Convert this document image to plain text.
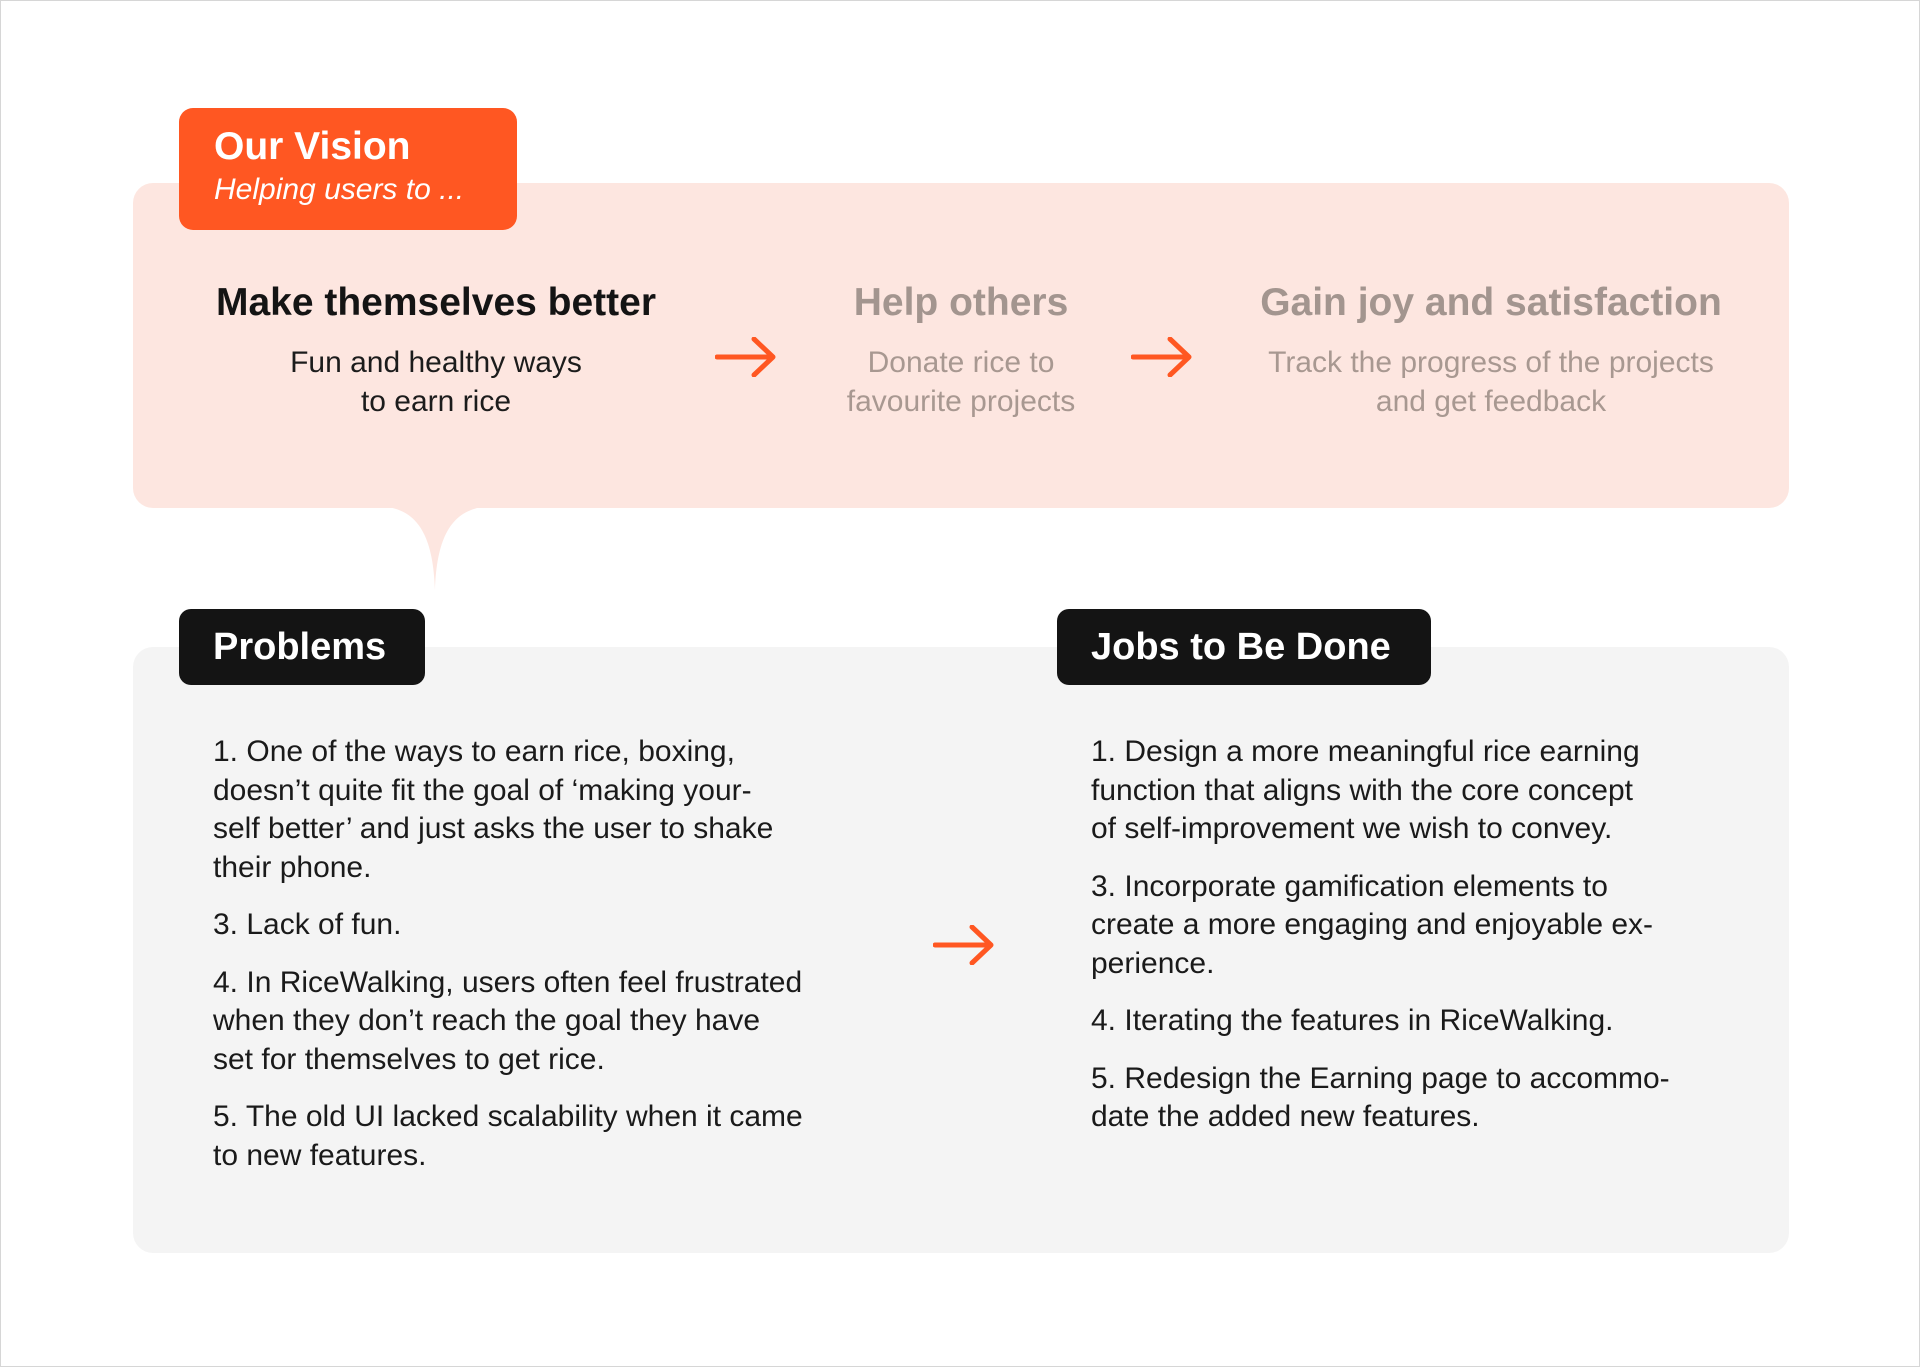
Our Vision
Helping users to ...
Make themselves better
Fun and healthy ways
to earn rice
Help others
Donate rice to
favourite projects
Gain joy and satisfaction
Track the progress of the projects
and get feedback
Problems	Jobs to Be Done
1. One of the ways to earn rice, boxing,
doesn’t quite fit the goal of ‘making your-
self better’ and just asks the user to shake
their phone.
3. Lack of fun.
4. In RiceWalking, users often feel frustrated
when they don’t reach the goal they have
set for themselves to get rice.
5. The old UI lacked scalability when it came
to new features.
1. Design a more meaningful rice earning
function that aligns with the core concept
of self-improvement we wish to convey.
3. Incorporate gamification elements to
create a more engaging and enjoyable ex-
perience.
4. Iterating the features in RiceWalking.
5. Redesign the Earning page to accommo-
date the added new features.
